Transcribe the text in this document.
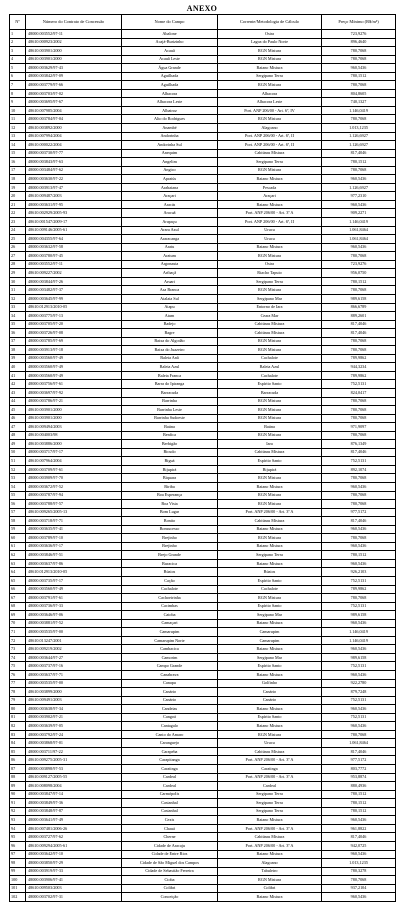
ANEXO
Nº	Número do Contrato de Concessão	Nome do Campo	Corrente/Metodologia de Cálculo	Preço Mínimo (R$/m³)
1	48000.003552/97-11	Abalone	Ostra	723,9276
2	48610.000923/2002	Acajá-Burizinho	Lagoa do Paulo Norte	896,4640
3	48610.003901/2000	Acauã	RGN Mistura	780,7068
4	48610.003901/2000	Acauã Leste	RGN Mistura	780,7068
5	48000.003629/97-43	Água Grande	Baiano Mistura	960,5436
6	48000.003842/97-09	Aguilhada	Sergipano Terra	780,1512
7	48000.003779/97-66	Aguilhada	RGN Mistura	780,7068
8	48000.003703/97-02	Albacora	Albacora	804,8605
9	48000.003695/97-67	Albacora Leste	Albacora Leste	740,1327
10	48610.007985/2004	Albatroz	Port. ANP 206/00 - Art. 6º, IV	1.146,0419
11	48000.003784/97-04	Alto do Rodrigues	RGN Mistura	780,7068
12	48610.003892/2000	Anambé	Alagoano	1.013,1235
13	48610.007994/2004	Andorinha	Port. ANP 206/00 - Art. 6º, II	1.126,6927
14	48610.000022/2004	Andorinha Sul	Port. ANP 206/00 - Art. 6º, II	1.126,6927
15	48000.003730/97-77	Anequim	Cabiúnas Mistura	817,4046
16	48000.003843/97-63	Angelim	Sergipano Terra	780,1512
17	48000.003484/97-62	Angico	RGN Mistura	780,7068
18	48000.003630/97-22	Apraiús	Baiano Mistura	960,5436
19	48000.003913/97-47	Arabaiana	Pescada	1.126,6927
20	48610.009487/2003	Araçari	Araçari	977,2310
21	48000.003631/97-95	Aracás	Baiano Mistura	960,5436
22	48610.002929/2005-93	Aracuã	Port. ANP 206/00 - Art. 3º A	909,2271
23	48610.001547/2009-17	Arapaçu	Port. ANP 206/00 - Art. 6º, II	1.146,0419
24	48610.009146/2005-61	Arara Azul	Urucu	1.061,8464
25	48000.004355/97-64	Araracanga	Urucu	1.061,8464
26	48000.003632/97-58	Aratu	Baiano Mistura	960,5436
27	48000.003780/97-45	Aratum	RGN Mistura	780,7068
28	48000.003552/97-11	Argonauta	Ostra	723,9276
29	48610.009227/2002	Aribaçã	Riacho Tapuio	956,0750
30	48000.003844/97-26	Aruari	Sergipano Terra	780,1512
31	48000.003482/97-37	Asa Branca	RGN Mistura	780,7068
32	48000.003645/97-99	Atalaia Sul	Sergipano Mar	989,6158
33	48610.012913/2010-05	Atapu	Entorno de Iara	866,6789
34	48000.003775/97-13	Atum	Ceara Mar	889,2601
35	48000.003705/97-20	Badejo	Cabiúnas Mistura	817,4046
36	48000.003726/97-08	Bagre	Cabiúnas Mistura	817,4046
37	48000.003785/97-69	Baixa do Algodão	RGN Mistura	780,7068
38	48000.003913/97-18	Baixa do Juazeiro	RGN Mistura	780,7068
39	48000.003560/97-49	Baleia Anã	Cachalote	789,9862
40	48000.003560/97-49	Baleia Azul	Baleia Azul	944,3234
41	48000.003560/97-49	Baleia Franca	Cachalote	789,9862
42	48000.003756/97-61	Barra do Ipiranga	Espírito Santo	752,5131
43	48000.003697/97-92	Barracuda	Barracuda	824,0417
44	48000.003786/97-21	Barrinha	RGN Mistura	780,7068
45	48610.003901/2000	Barrinha Leste	RGN Mistura	780,7068
46	48610.003901/2000	Barrinha Sudoeste	RGN Mistura	780,7068
47	48610.009494/2003	Baúna	Baúna	971,9097
48	48610.004003/98	Benfica	RGN Mistura	780,7068
49	48610.003886/2000	Berbigão	Iara	876,1349
50	48000.003717/97-17	Bicudo	Cabiúnas Mistura	817,4046
51	48610.007964/2004	Biguá	Espírito Santo	752,5131
52	48000.003709/97-61	Bijupirá	Bijupirá	892,1074
53	48000.003909/97-70	Biquara	RGN Mistura	780,7068
54	48000.003672/97-52	Biriba	Baiano Mistura	960,5436
55	48000.003787/97-94	Boa Esperança	RGN Mistura	780,7068
56	48000.003788/97-57	Boa Vista	RGN Mistura	780,7068
57	48610.009265/2005-13	Bom Lugar	Port. ANP 206/00 - Art. 3º A	977,5172
58	48000.003718/97-71	Bonito	Cabiúnas Mistura	817,4046
59	48000.003635/97-41	Bonsucesso	Baiano Mistura	960,5436
60	48000.003789/97-10	Brejinho	RGN Mistura	780,7068
61	48000.003636/97-17	Brejinho	Baiano Mistura	960,5436
62	48000.003846/97-51	Brejo Grande	Sergipano Terra	780,1512
63	48000.003637/97-86	Buracica	Baiano Mistura	960,5436
64	48610.012913/2010-05	Búzios	Búzios	926,2103
65	48000.003735/97-17	Cação	Espírito Santo	752,5131
66	48000.003560/97-49	Cachalote	Cachalote	789,9862
67	48000.003791/97-61	Cachoeirinha	RGN Mistura	780,7068
68	48000.003736/97-33	Cacimbas	Espírito Santo	752,5131
69	48000.003646/97-06	Caioba	Sergipano Mar	989,6158
70	48000.003881/97-52	Camaçari	Baiano Mistura	960,5436
71	48000.003535/97-00	Camarupim	Camarupim	1.146,0419
72	48610.013247/2001	Camarupim Norte	Camarupim	1.146,0419
73	48610.009219/2002	Cambacica	Baiano Mistura	960,5436
74	48000.003644/97-27	Camorim	Sergipano Mar	989,6158
75	48000.003737/97-16	Campo Grande	Espírito Santo	752,5131
76	48000.003637/97-71	Canabrava	Baiano Mistura	960,5436
77	48000.003535/97-00	Canapu	Golfinho	922,2780
78	48610.003899/2000	Canário	Canário	879,7248
79	48610.009491/2003	Canário	Canário	752,5131
80	48000.003638/97-34	Candeias	Baiano Mistura	960,5436
81	48000.003902/97-21	Cangoá	Espírito Santo	752,5131
82	48000.003639/97-05	Cantagalo	Baiano Mistura	960,5436
83	48000.003792/97-24	Canto do Amaro	RGN Mistura	780,7068
84	48000.003868/97-01	Caranguejo	Urucu	1.061,8464
85	48000.003711/97-22	Carapeba	Cabiúnas Mistura	817,4046
86	48610.009275/2005-31	Carapitanga	Port. ANP 206/00 - Art. 3º A	977,5172
87	48000.003898/97-53	Caratinga	Caratinga	803,7772
88	48610.009127/2005-55	Cardeal	Port. ANP 206/00 - Art. 3º A	953,8874
89	48610.008098/2004	Cardeal	Cardeal	880,4936
90	48000.003847/97-14	Carmópolis	Sergipano Terra	780,1512
91	48000.003849/97-36	Castanhal	Sergipano Terra	780,1512
92	48000.003848/97-87	Castanhal	Sergipano Terra	780,1512
93	48000.003641/97-49	Cexis	Baiano Mistura	960,5436
94	48610.007481/2006-26	Chauá	Port. ANP 206/00 - Art. 3º A	961,8822
95	48000.003727/97-62	Cherne	Cabiúnas Mistura	817,4046
96	48610.009294/2005-61	Cidade de Aracaju	Port. ANP 206/00 - Art. 3º A	942,0725
97	48000.003642/97-10	Cidade de Entre Rios	Baiano Mistura	960,5436
98	48000.003850/97-29	Cidade de São Miguel dos Campos	Alagoano	1.013,1235
99	48000.003919/97-33	Cidade de Sebastião Ferreira	Tabuleiro	780,3278
100	48000.003906/97-41	Cioba	RGN Mistura	780,7068
101	48610.009503/2003	Colibri	Colibri	937,2104
102	48000.003702/97-31	Conceição	Baiano Mistura	960,5436
